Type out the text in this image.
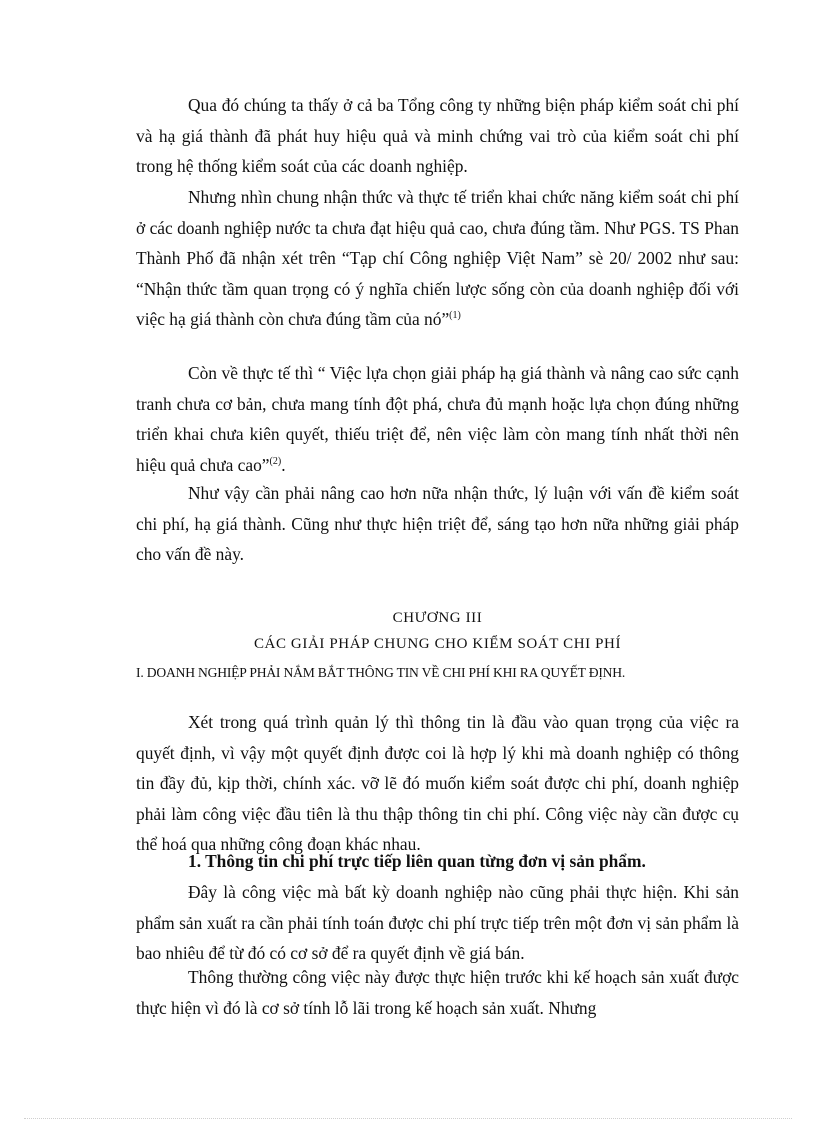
Qua đó chúng ta thấy ở cả ba Tổng công ty những biện pháp kiểm soát chi phí và hạ giá thành đã phát huy hiệu quả và minh chứng vai trò của kiểm soát chi phí trong hệ thống kiểm soát của các doanh nghiệp.

Nhưng nhìn chung nhận thức và thực tế triển khai chức năng kiểm soát chi phí ở các doanh nghiệp nước ta chưa đạt hiệu quả cao, chưa đúng tầm. Như PGS. TS Phan Thành Phố đã nhận xét trên “Tạp chí Công nghiệp Việt Nam” sè 20/ 2002 như sau: “Nhận thức tầm quan trọng có ý nghĩa chiến lược sống còn của doanh nghiệp đối với việc hạ giá thành còn chưa đúng tầm của nó”$^{(1)}$

Còn về thực tế thì “ Việc lựa chọn giải pháp hạ giá thành và nâng cao sức cạnh tranh chưa cơ bản, chưa mang tính đột phá, chưa đủ mạnh hoặc lựa chọn đúng những triển khai chưa kiên quyết, thiếu triệt để, nên việc làm còn mang tính nhất thời nên hiệu quả chưa cao”$^{(2)}$.

Như vậy cần phải nâng cao hơn nữa nhận thức, lý luận với vấn đề kiểm soát chi phí, hạ giá thành. Cũng như thực hiện triệt để, sáng tạo hơn nữa những giải pháp cho vấn đề này.

CHƯƠNG III

CÁC GIẢI PHÁP CHUNG CHO KIỂM SOÁT CHI PHÍ

I. DOANH NGHIỆP PHẢI NẮM BẮT THÔNG TIN VỀ CHI PHÍ KHI RA QUYẾT ĐỊNH.

Xét trong quá trình quản lý thì thông tin là đầu vào quan trọng của việc ra quyết định, vì vậy một quyết định được coi là hợp lý khi mà doanh nghiệp có thông tin đầy đủ, kịp thời, chính xác. vỡ lẽ đó muốn kiểm soát được chi phí, doanh nghiệp phải làm công việc đầu tiên là thu thập thông tin chi phí. Công việc này cần được cụ thể hoá qua những công đoạn khác nhau.

1. Thông tin chi phí trực tiếp liên quan từng đơn vị sản phẩm.

Đây là công việc mà bất kỳ doanh nghiệp nào cũng phải thực hiện. Khi sản phẩm sản xuất ra cần phải tính toán được chi phí trực tiếp trên một đơn vị sản phẩm là bao nhiêu để từ đó có cơ sở để ra quyết định về giá bán.

Thông thường công việc này được thực hiện trước khi kế hoạch sản xuất được thực hiện vì đó là cơ sở tính lỗ lãi trong kế hoạch sản xuất. Nhưng
